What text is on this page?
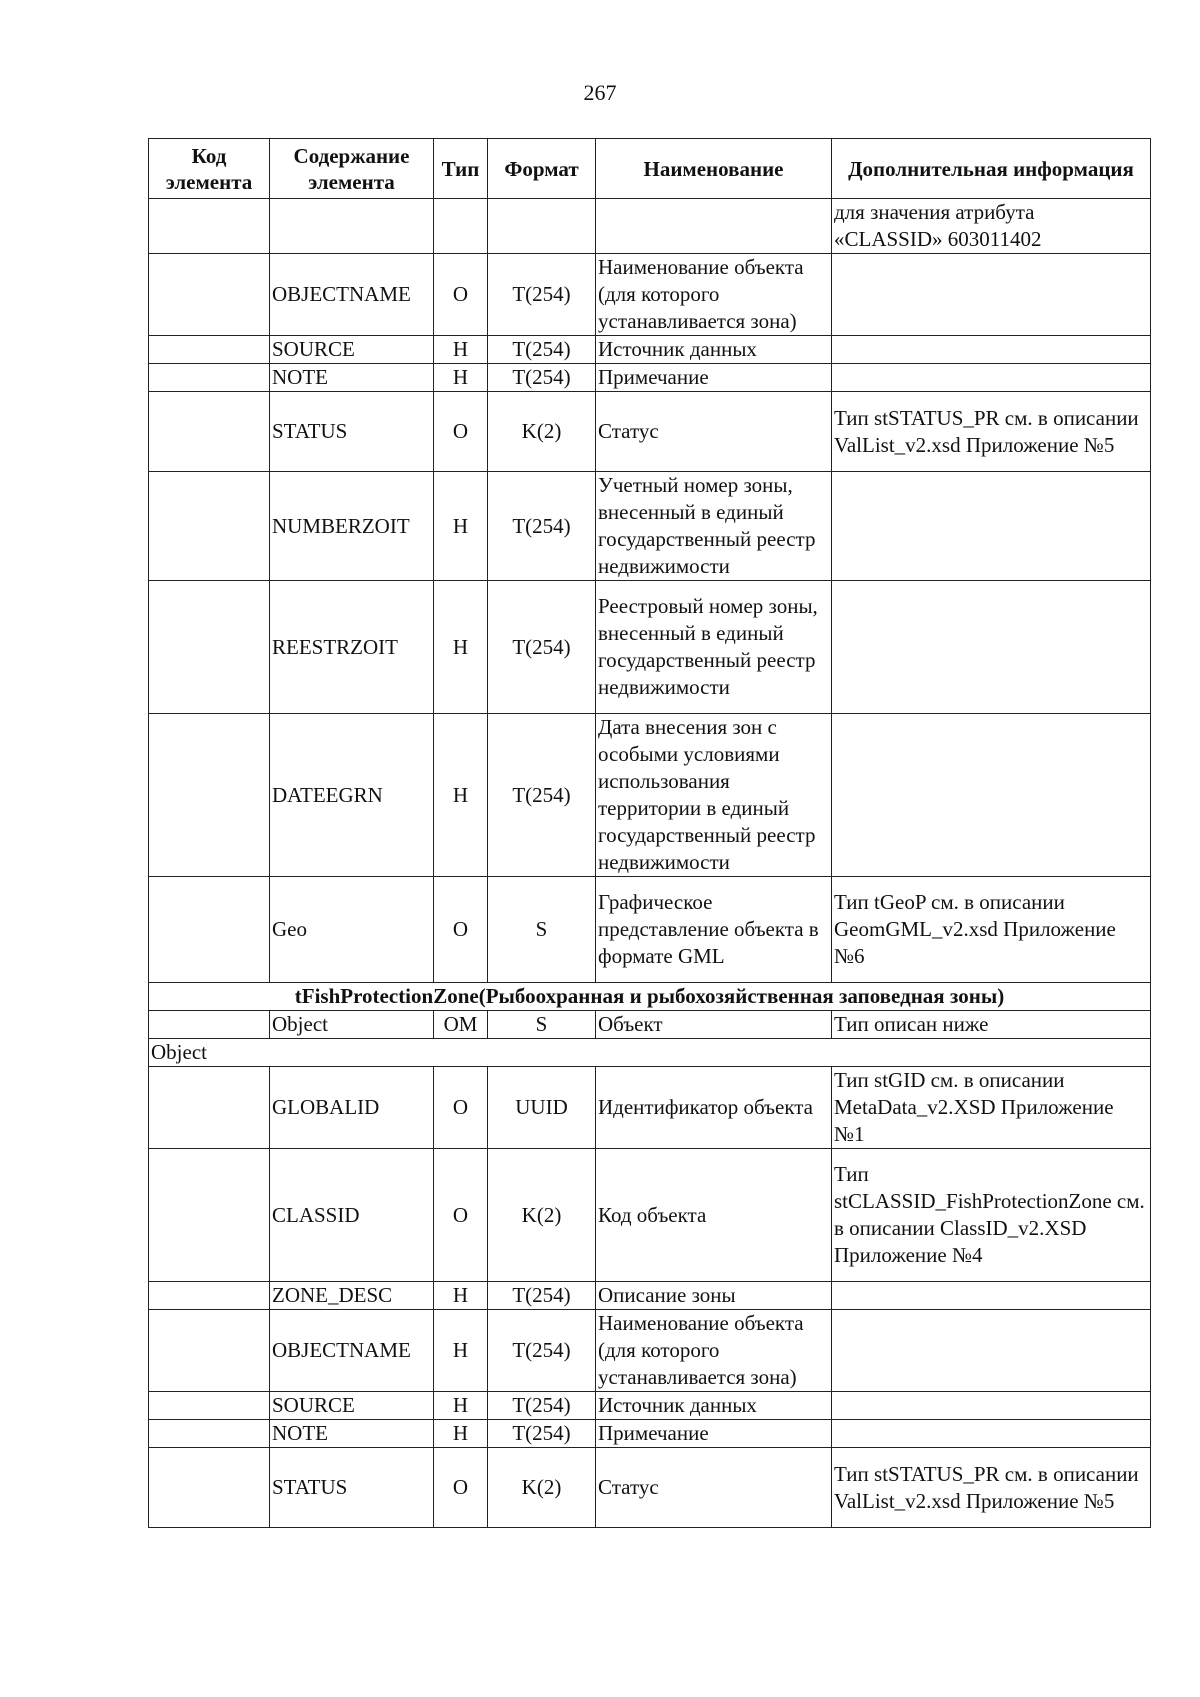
267
Код элемента	Содержание элемента	Тип	Формат	Наименование	Дополнительная информация
					для значения атрибута «CLASSID» 603011402
	OBJECTNAME	О	T(254)	Наименование объекта (для которого устанавливается зона)	
	SOURCE	Н	T(254)	Источник данных	
	NOTE	Н	T(254)	Примечание	
	STATUS	О	K(2)	Статус	Тип stSTATUS_PR см. в описании ValList_v2.xsd Приложение №5
	NUMBERZOIT	Н	T(254)	Учетный номер зоны, внесенный в единый государственный реестр недвижимости	
	REESTRZOIT	Н	T(254)	Реестровый номер зоны, внесенный в единый государственный реестр недвижимости	
	DATEEGRN	Н	T(254)	Дата внесения зон с особыми условиями использования территории в единый государственный реестр недвижимости	
	Geo	О	S	Графическое представление объекта в формате GML	Тип tGeoP см. в описании GeomGML_v2.xsd Приложение №6
tFishProtectionZone(Рыбоохранная и рыбохозяйственная заповедная зоны)					
	Object	ОМ	S	Объект	Тип описан ниже
Object					
	GLOBALID	О	UUID	Идентификатор объекта	Тип stGID см. в описании MetaData_v2.XSD Приложение №1
	CLASSID	О	K(2)	Код объекта	Тип stCLASSID_FishProtectionZone см. в описании ClassID_v2.XSD Приложение №4
	ZONE_DESC	Н	T(254)	Описание зоны	
	OBJECTNAME	Н	T(254)	Наименование объекта (для которого устанавливается зона)	
	SOURCE	Н	T(254)	Источник данных	
	NOTE	Н	T(254)	Примечание	
	STATUS	О	K(2)	Статус	Тип stSTATUS_PR см. в описании ValList_v2.xsd Приложение №5
